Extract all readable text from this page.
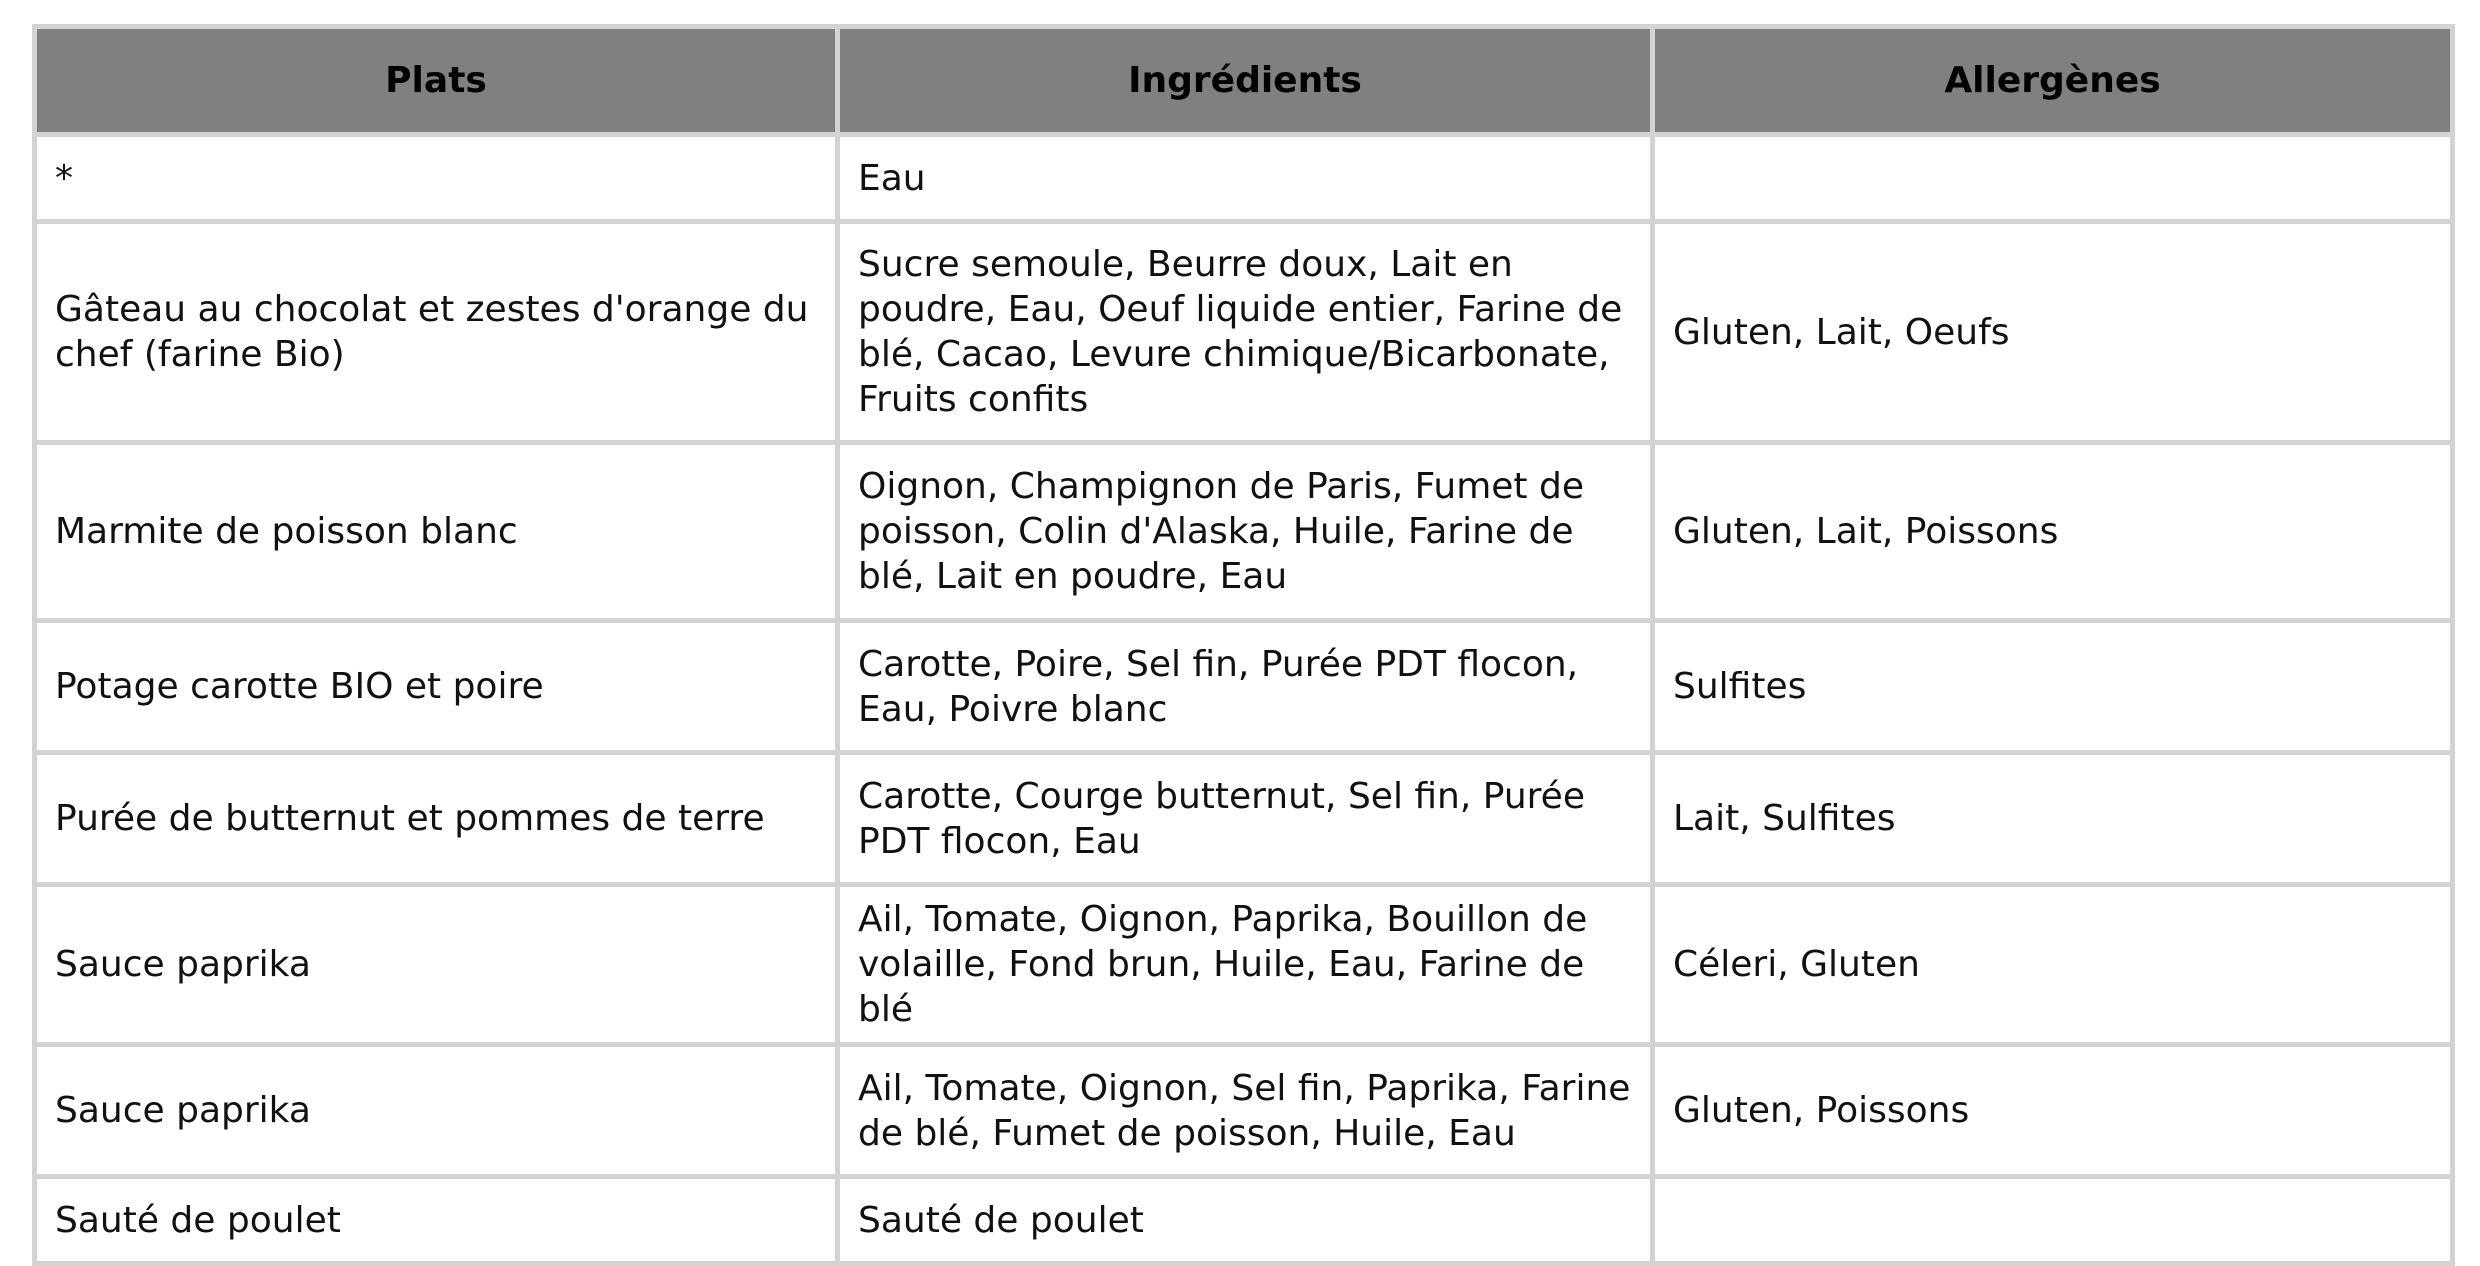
Plats	Ingrédients	Allergènes
*	Eau	
Gâteau au chocolat et zestes d'orange du chef (farine Bio)	Sucre semoule, Beurre doux, Lait en poudre, Eau, Oeuf liquide entier, Farine de blé, Cacao, Levure chimique/Bicarbonate, Fruits confits	Gluten, Lait, Oeufs
Marmite de poisson blanc	Oignon, Champignon de Paris, Fumet de poisson, Colin d'Alaska, Huile, Farine de blé, Lait en poudre, Eau	Gluten, Lait, Poissons
Potage carotte BIO et poire	Carotte, Poire, Sel fin, Purée PDT flocon, Eau, Poivre blanc	Sulfites
Purée de butternut et pommes de terre	Carotte, Courge butternut, Sel fin, Purée PDT flocon, Eau	Lait, Sulfites
Sauce paprika	Ail, Tomate, Oignon, Paprika, Bouillon de volaille, Fond brun, Huile, Eau, Farine de blé	Céleri, Gluten
Sauce paprika	Ail, Tomate, Oignon, Sel fin, Paprika, Farine de blé, Fumet de poisson, Huile, Eau	Gluten, Poissons
Sauté de poulet	Sauté de poulet	
